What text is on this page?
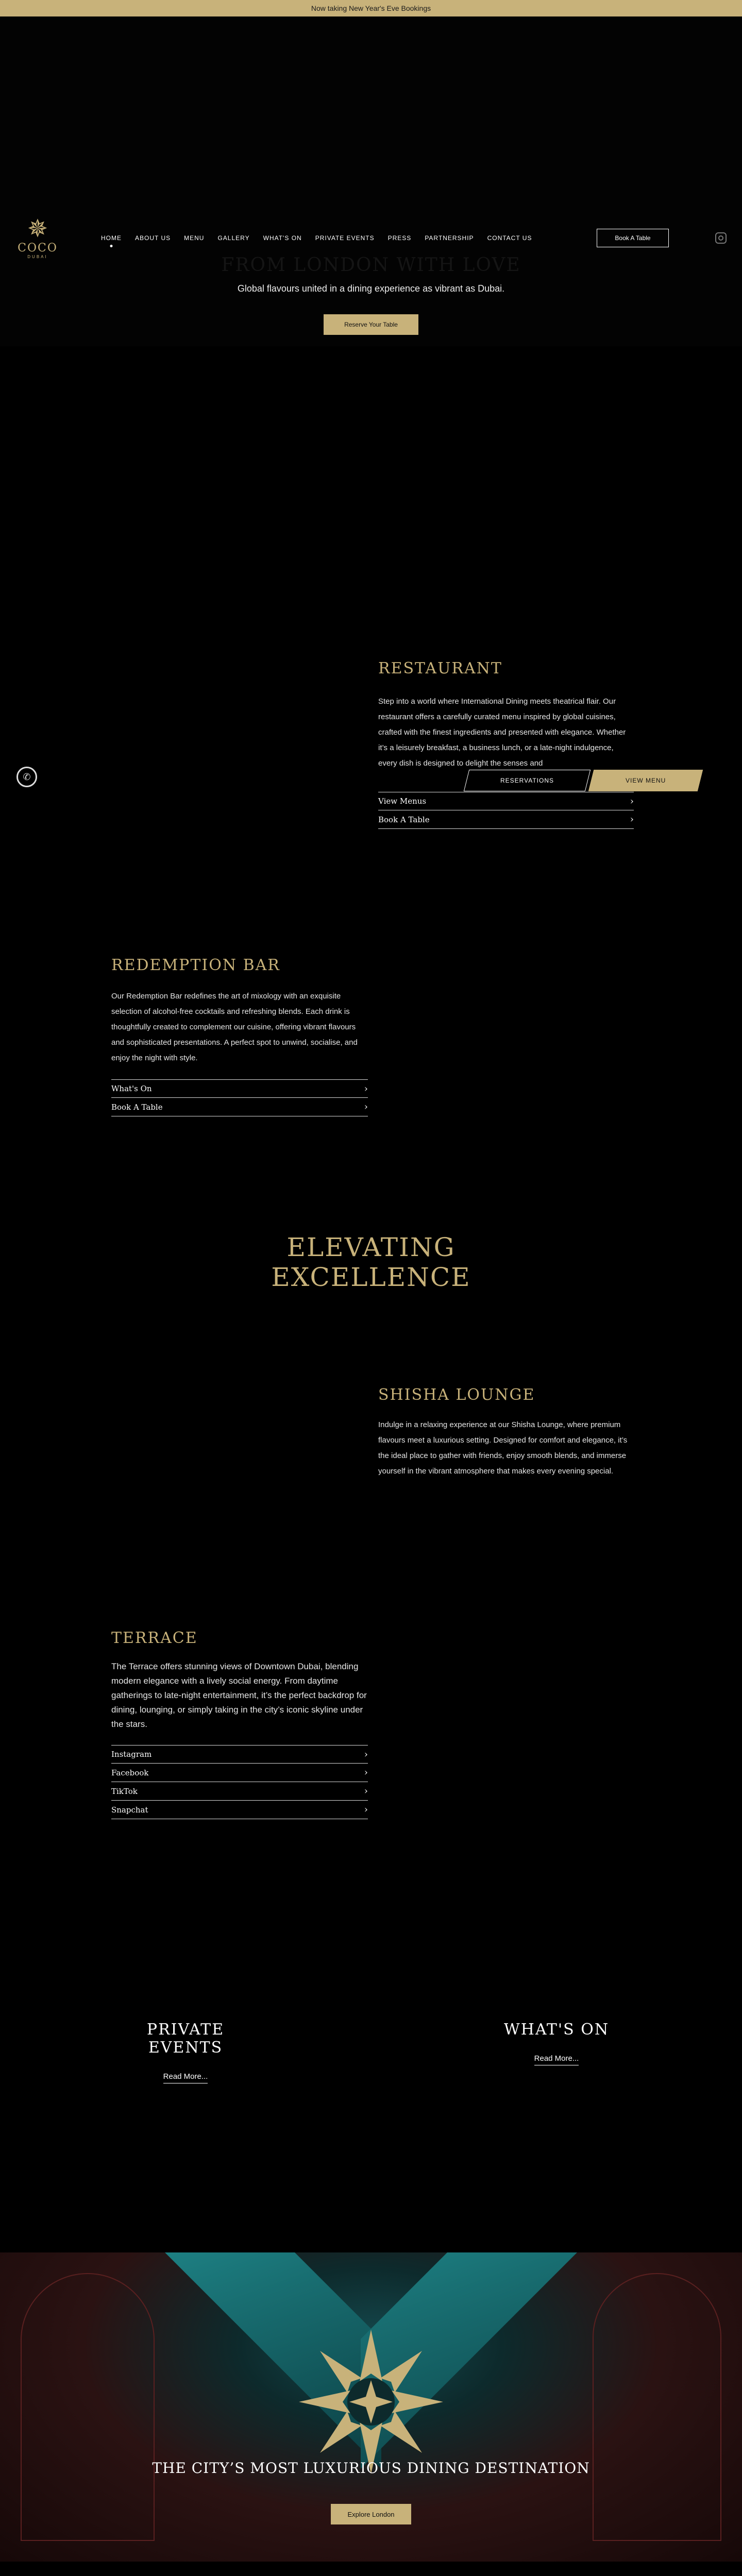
Now taking New Year's Eve Bookings
✵
COCO
DUBAI
HOME ABOUT US MENU GALLERY WHAT'S ON PRIVATE EVENTS PRESS PARTNERSHIP CONTACT US	Book A Table
FROM LONDON WITH LOVE
Global flavours united in a dining experience as vibrant as Dubai.
Reserve Your Table
✆
RESTAURANT
Step into a world where International Dining meets theatrical flair. Our restaurant offers a carefully curated menu inspired by global cuisines, crafted with the finest ingredients and presented with elegance. Whether it’s a leisurely breakfast, a business lunch, or a late-night indulgence, every dish is designed to delight the senses and
View Menus	›
Book A Table	›
RESERVATIONS	VIEW MENU
REDEMPTION BAR
Our Redemption Bar redefines the art of mixology with an exquisite selection of alcohol-free cocktails and refreshing blends. Each drink is thoughtfully created to complement our cuisine, offering vibrant flavours and sophisticated presentations. A perfect spot to unwind, socialise, and enjoy the night with style.
What's On	›
Book A Table	›
ELEVATING
EXCELLENCE
SHISHA LOUNGE
Indulge in a relaxing experience at our Shisha Lounge, where premium flavours meet a luxurious setting. Designed for comfort and elegance, it’s the ideal place to gather with friends, enjoy smooth blends, and immerse yourself in the vibrant atmosphere that makes every evening special.
TERRACE
The Terrace offers stunning views of Downtown Dubai, blending modern elegance with a lively social energy. From daytime gatherings to late-night entertainment, it’s the perfect backdrop for dining, lounging, or simply taking in the city’s iconic skyline under the stars.
Instagram	›
Facebook	›
TikTok	›
Snapchat	›
PRIVATE EVENTS
Read More...
WHAT'S ON
Read More...
THE CITY’S MOST LUXURIOUS DINING DESTINATION
Explore London
